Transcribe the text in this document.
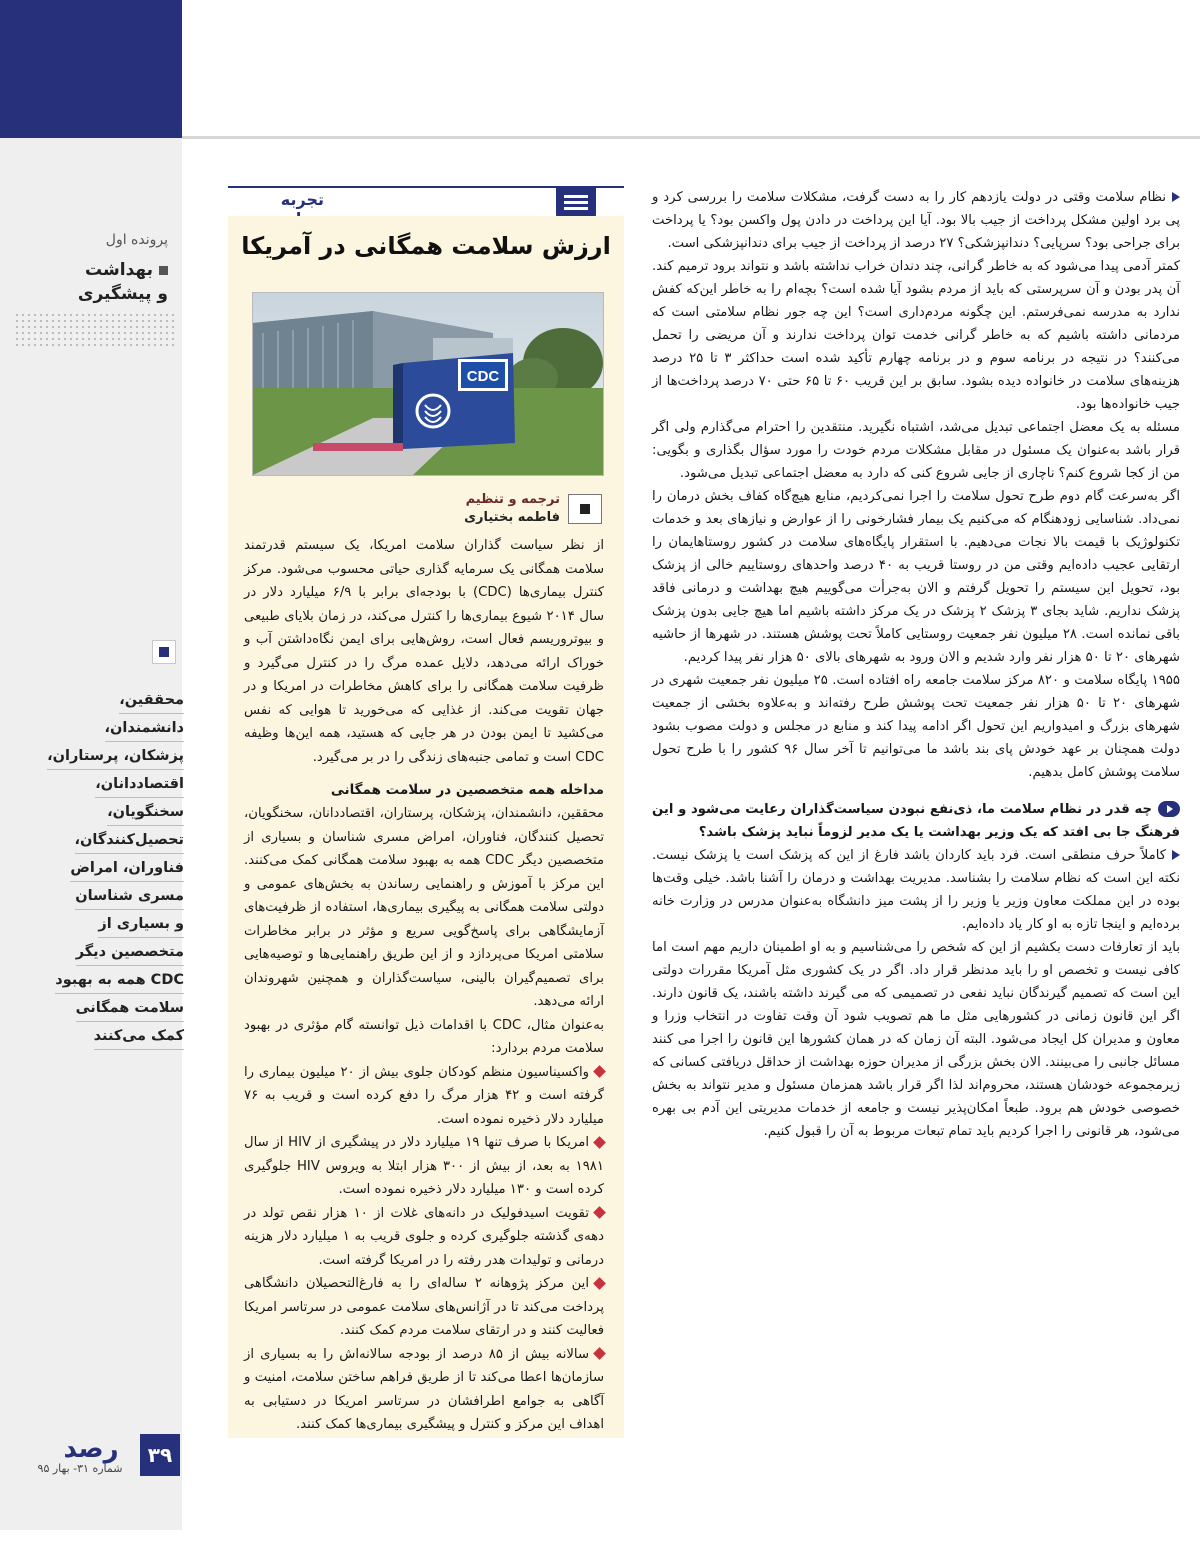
پرونده اول
بهداشت
و پیشگیری
محققین،
دانشمندان،
پزشکان، پرستاران،
اقتصاددانان،
سخنگویان،
تحصیل‌کنندگان،
فناوران، امراض
مسری شناسان
و بسیاری از
متخصصین دیگر
CDC همه به بهبود
سلامت همگانی
کمک می‌کنند
۳۹
رصد
شماره ۳۱- بهار ۹۵
تجربه
ارزش سلامت همگانی در آمریکا
CDC
ترجمه و تنظیم
فاطمه بختیاری

از نظر سیاست گذاران سلامت امریکا، یک سیستم قدرتمند سلامت همگانی یک سرمایه گذاری حیاتی محسوب می‌شود. مرکز کنترل بیماری‌ها (CDC) با بودجه‌ای برابر با ۶/۹ میلیارد دلار در سال ۲۰۱۴ شیوع بیماری‌ها را کنترل می‌کند، در زمان بلایای طبیعی و بیوتروریسم فعال است، روش‌هایی برای ایمن نگاه‌داشتن آب و خوراک ارائه می‌دهد، دلایل عمده مرگ را در کنترل می‌گیرد و ظرفیت سلامت همگانی را برای کاهش مخاطرات در امریکا و در جهان تقویت می‌کند. از غذایی که می‌خورید تا هوایی که نفس می‌کشید تا ایمن بودن در هر جایی که هستید، همه این‌ها وظیفه CDC است و تمامی جنبه‌های زندگی را در بر می‌گیرد.

مداخله همه متخصصین در سلامت همگانی

محققین، دانشمندان، پزشکان، پرستاران، اقتصاددانان، سخنگویان، تحصیل کنندگان، فناوران، امراض مسری شناسان و بسیاری از متخصصین دیگر CDC همه به بهبود سلامت همگانی کمک می‌کنند. این مرکز با آموزش و راهنمایی رساندن به بخش‌های عمومی و دولتی سلامت همگانی به پیگیری بیماری‌ها، استفاده از ظرفیت‌های آزمایشگاهی برای پاسخ‌گویی سریع و مؤثر در برابر مخاطرات سلامتی امریکا می‌پردازد و از این طریق راهنمایی‌ها و توصیه‌هایی برای تصمیم‌گیران بالینی، سیاست‌گذاران و همچنین شهروندان ارائه می‌دهد.

به‌عنوان مثال، CDC با اقدامات ذیل توانسته گام مؤثری در بهبود سلامت مردم بردارد:

واکسیناسیون منظم کودکان جلوی بیش از ۲۰ میلیون بیماری را گرفته است و ۴۲ هزار مرگ را دفع کرده است و قریب به ۷۶ میلیارد دلار ذخیره نموده است.

امریکا با صرف تنها ۱۹ میلیارد دلار در پیشگیری از HIV از سال ۱۹۸۱ به بعد، از بیش از ۳۰۰ هزار ابتلا به ویروس HIV جلوگیری کرده است و ۱۳۰ میلیارد دلار ذخیره نموده است.

تقویت اسیدفولیک در دانه‌های غلات از ۱۰ هزار نقص تولد در دهه‌ی گذشته جلوگیری کرده و جلوی قریب به ۱ میلیارد دلار هزینه درمانی و تولیدات هدر رفته را در امریکا گرفته است.

این مرکز پژوهانه ۲ ساله‌ای را به فارغ‌التحصیلان دانشگاهی پرداخت می‌کند تا در آژانس‌های سلامت عمومی در سرتاسر امریکا فعالیت کنند و در ارتقای سلامت مردم کمک کنند.

سالانه بیش از ۸۵ درصد از بودجه سالانه‌اش را به بسیاری از سازمان‌ها اعطا می‌کند تا از طریق فراهم ساختن سلامت، امنیت و آگاهی به جوامع اطرافشان در سرتاسر امریکا در دستیابی به اهداف این مرکز و کنترل و پیشگیری بیماری‌ها کمک کنند.

نظام سلامت وقتی در دولت یازدهم کار را به دست گرفت، مشکلات سلامت را بررسی کرد و پی برد اولین مشکل پرداخت از جیب بالا بود. آیا این پرداخت در دادن پول واکسن بود؟ یا پرداخت برای جراحی بود؟ سرپایی؟ دندانپزشکی؟ ۲۷ درصد از پرداخت از جیب برای دندانپزشکی است.

کمتر آدمی پیدا می‌شود که به خاطر گرانی، چند دندان خراب نداشته باشد و نتواند برود ترمیم کند. آن پدر بودن و آن سرپرستی که باید از مردم بشود آیا شده است؟ بچه‌ام را به خاطر این‌که کفش ندارد به مدرسه نمی‌فرستم. این چگونه مردم‌داری است؟ این چه جور نظام سلامتی است که مردمانی داشته باشیم که به خاطر گرانی خدمت توان پرداخت ندارند و آن مریضی را تحمل می‌کنند؟ در نتیجه در برنامه سوم و در برنامه چهارم تأکید شده است حداکثر ۳ تا ۲۵ درصد هزینه‌های سلامت در خانواده دیده بشود. سابق بر این قریب ۶۰ تا ۶۵ حتی ۷۰ درصد پرداخت‌ها از جیب خانواده‌ها بود.

مسئله به یک معضل اجتماعی تبدیل می‌شد، اشتباه نگیرید. منتقدین را احترام می‌گذارم ولی اگر قرار باشد به‌عنوان یک مسئول در مقابل مشکلات مردم خودت را مورد سؤال بگذاری و بگویی: من از کجا شروع کنم؟ ناچاری از جایی شروع کنی که دارد به معضل اجتماعی تبدیل می‌شود.

اگر به‌سرعت گام دوم طرح تحول سلامت را اجرا نمی‌کردیم، منابع هیچ‌گاه کفاف بخش درمان را نمی‌داد. شناسایی زودهنگام که می‌کنیم یک بیمار فشارخونی را از عوارض و نیازهای بعد و خدمات تکنولوژیک با قیمت بالا نجات می‌دهیم. با استقرار پایگاه‌های سلامت در کشور روستاهایمان را ارتقایی عجیب داده‌ایم وقتی من در روستا قریب به ۴۰ درصد واحدهای روستاییم خالی از پزشک بود، تحویل این سیستم را تحویل گرفتم و الان به‌جرأت می‌گوییم هیچ بهداشت و درمانی فاقد پزشک نداریم. شاید بجای ۳ پزشک ۲ پزشک در یک مرکز داشته باشیم اما هیچ جایی بدون پزشک باقی نمانده است. ۲۸ میلیون نفر جمعیت روستایی کاملاً تحت پوشش هستند. در شهرها از حاشیه شهرهای ۲۰ تا ۵۰ هزار نفر وارد شدیم و الان ورود به شهرهای بالای ۵۰ هزار نفر پیدا کردیم.

۱۹۵۵ پایگاه سلامت و ۸۲۰ مرکز سلامت جامعه راه افتاده است. ۲۵ میلیون نفر جمعیت شهری در شهرهای ۲۰ تا ۵۰ هزار نفر جمعیت تحت پوشش طرح رفته‌اند و به‌علاوه بخشی از جمعیت شهرهای بزرگ و امیدواریم این تحول اگر ادامه پیدا کند و منابع در مجلس و دولت مصوب بشود دولت همچنان بر عهد خودش پای بند باشد ما می‌توانیم تا آخر سال ۹۶ کشور را با طرح تحول سلامت پوشش کامل بدهیم.

چه قدر در نظام سلامت ما، ذی‌نفع نبودن سیاست‌گذاران رعایت می‌شود و این فرهنگ جا بی افتد که یک وزیر بهداشت یا یک مدیر لزوماً نباید پزشک باشد؟

کاملاً حرف منطقی است. فرد باید کاردان باشد فارغ از این که پزشک است یا پزشک نیست. نکته این است که نظام سلامت را بشناسد. مدیریت بهداشت و درمان را آشنا باشد. خیلی وقت‌ها بوده در این مملکت معاون وزیر یا وزیر را از پشت میز دانشگاه به‌عنوان مدرس در وزارت خانه برده‌ایم و اینجا تازه به او کار یاد داده‌ایم.

باید از تعارفات دست بکشیم از این که شخص را می‌شناسیم و به او اطمینان داریم مهم است اما کافی نیست و تخصص او را باید مدنظر قرار داد. اگر در یک کشوری مثل آمریکا مقررات دولتی این است که تصمیم گیرندگان نباید نفعی در تصمیمی که می گیرند داشته باشند، یک قانون دارند. اگر این قانون زمانی در کشورهایی مثل ما هم تصویب شود آن وقت تفاوت در انتخاب وزرا و معاون و مدیران کل ایجاد می‌شود. البته آن زمان که در همان کشورها این قانون را اجرا می کنند مسائل جانبی را می‌بینند. الان بخش بزرگی از مدیران حوزه بهداشت از حداقل دریافتی کسانی که زیرمجموعه خودشان هستند، محروم‌اند لذا اگر قرار باشد همزمان مسئول و مدیر نتواند به بخش خصوصی خودش هم برود. طبعاً امکان‌پذیر نیست و جامعه از خدمات مدیریتی این آدم بی بهره می‌شود، هر قانونی را اجرا کردیم باید تمام تبعات مربوط به آن را قبول کنیم.
